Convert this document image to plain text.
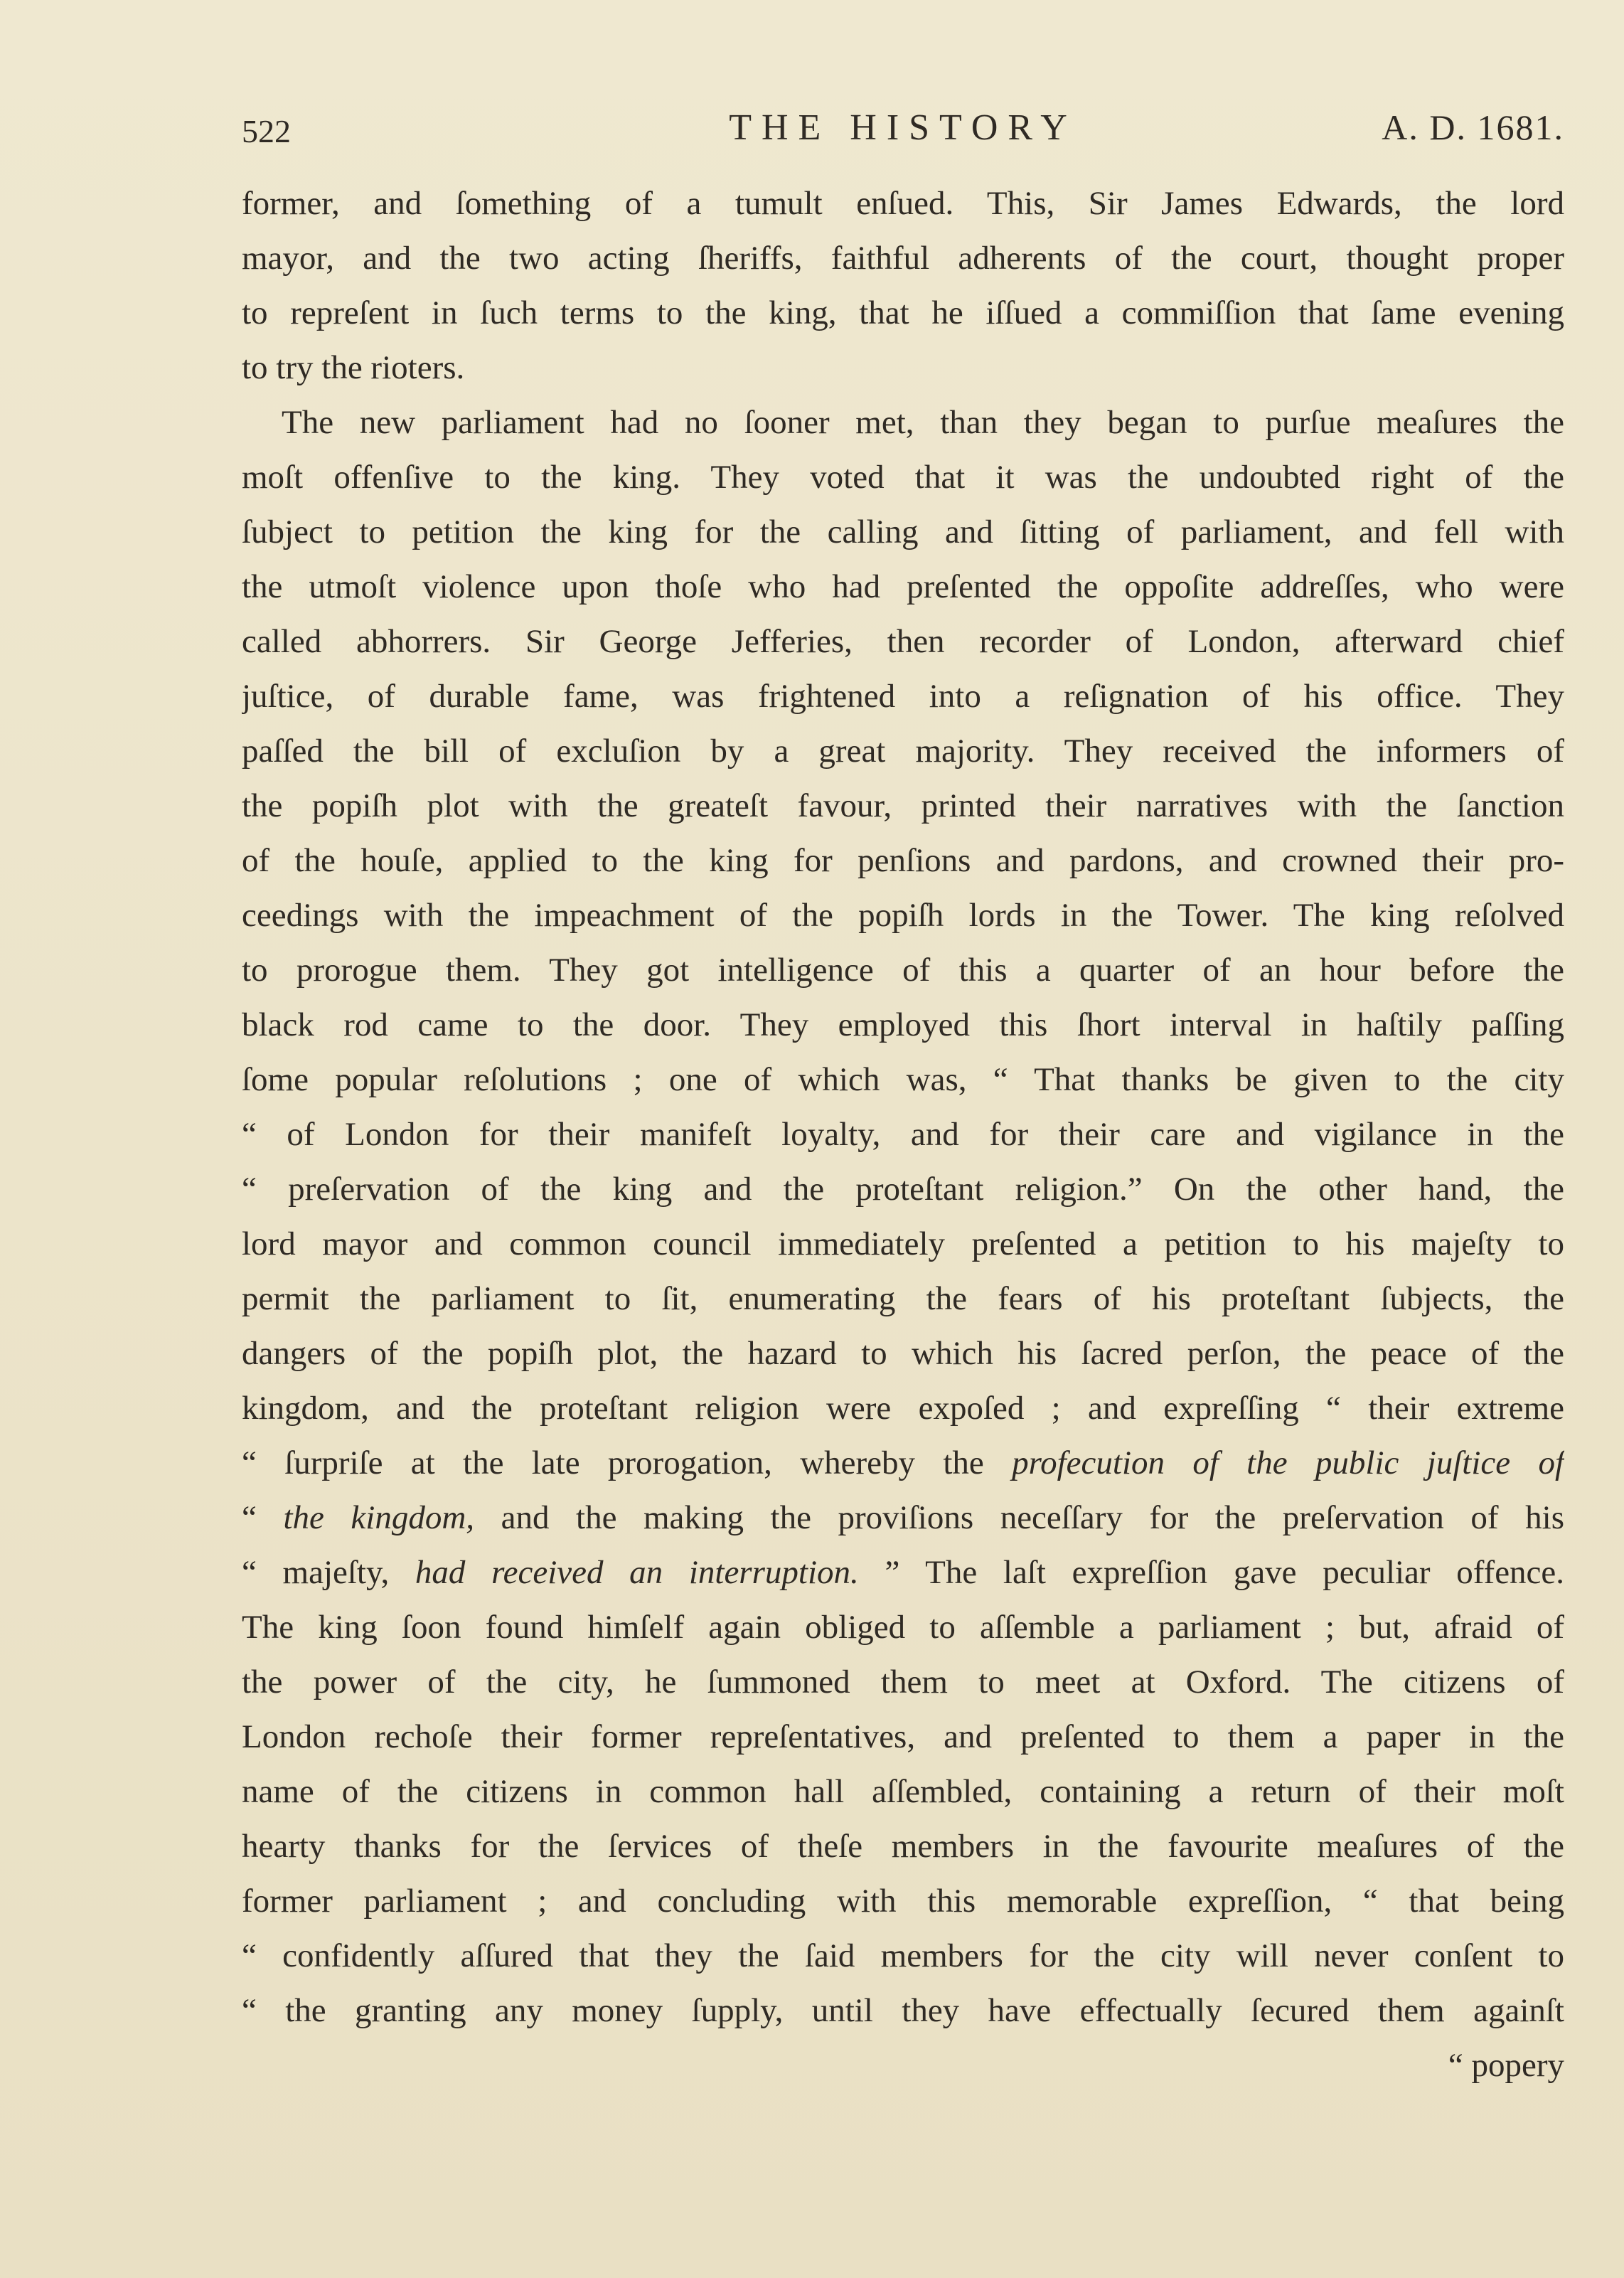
522	THE HISTORY	A. D. 1681.
former, and ſomething of a tumult enſued. This, Sir James Edwards, the lord
mayor, and the two acting ſheriffs, faithful adherents of the court, thought proper
to repreſent in ſuch terms to the king, that he iſſued a commiſſion that ſame evening
to try the rioters.
The new parliament had no ſooner met, than they began to purſue meaſures the
moſt offenſive to the king. They voted that it was the undoubted right of the
ſubject to petition the king for the calling and ſitting of parliament, and fell with
the utmoſt violence upon thoſe who had preſented the oppoſite addreſſes, who were
called abhorrers. Sir George Jefferies, then recorder of London, afterward chief
juſtice, of durable fame, was frightened into a reſignation of his office. They
paſſed the bill of excluſion by a great majority. They received the informers of
the popiſh plot with the greateſt favour, printed their narratives with the ſanction
of the houſe, applied to the king for penſions and pardons, and crowned their pro-
ceedings with the impeachment of the popiſh lords in the Tower. The king reſolved
to prorogue them. They got intelligence of this a quarter of an hour before the
black rod came to the door. They employed this ſhort interval in haſtily paſſing
ſome popular reſolutions ; one of which was, “ That thanks be given to the city
“ of London for their manifeſt loyalty, and for their care and vigilance in the
“ preſervation of the king and the proteſtant religion.” On the other hand, the
lord mayor and common council immediately preſented a petition to his majeſty to
permit the parliament to ſit, enumerating the fears of his proteſtant ſubjects, the
dangers of the popiſh plot, the hazard to which his ſacred perſon, the peace of the
kingdom, and the proteſtant religion were expoſed ; and expreſſing “ their extreme
“ ſurpriſe at the late prorogation, whereby the profecution of the public juſtice of
“ the kingdom, and the making the proviſions neceſſary for the preſervation of his
“ majeſty, had received an interruption. ” The laſt expreſſion gave peculiar offence.
The king ſoon found himſelf again obliged to aſſemble a parliament ; but, afraid of
the power of the city, he ſummoned them to meet at Oxford. The citizens of
London rechoſe their former repreſentatives, and preſented to them a paper in the
name of the citizens in common hall aſſembled, containing a return of their moſt
hearty thanks for the ſervices of theſe members in the favourite meaſures of the
former parliament ; and concluding with this memorable expreſſion, “ that being
“ confidently aſſured that they the ſaid members for the city will never conſent to
“ the granting any money ſupply, until they have effectually ſecured them againſt
“ popery
